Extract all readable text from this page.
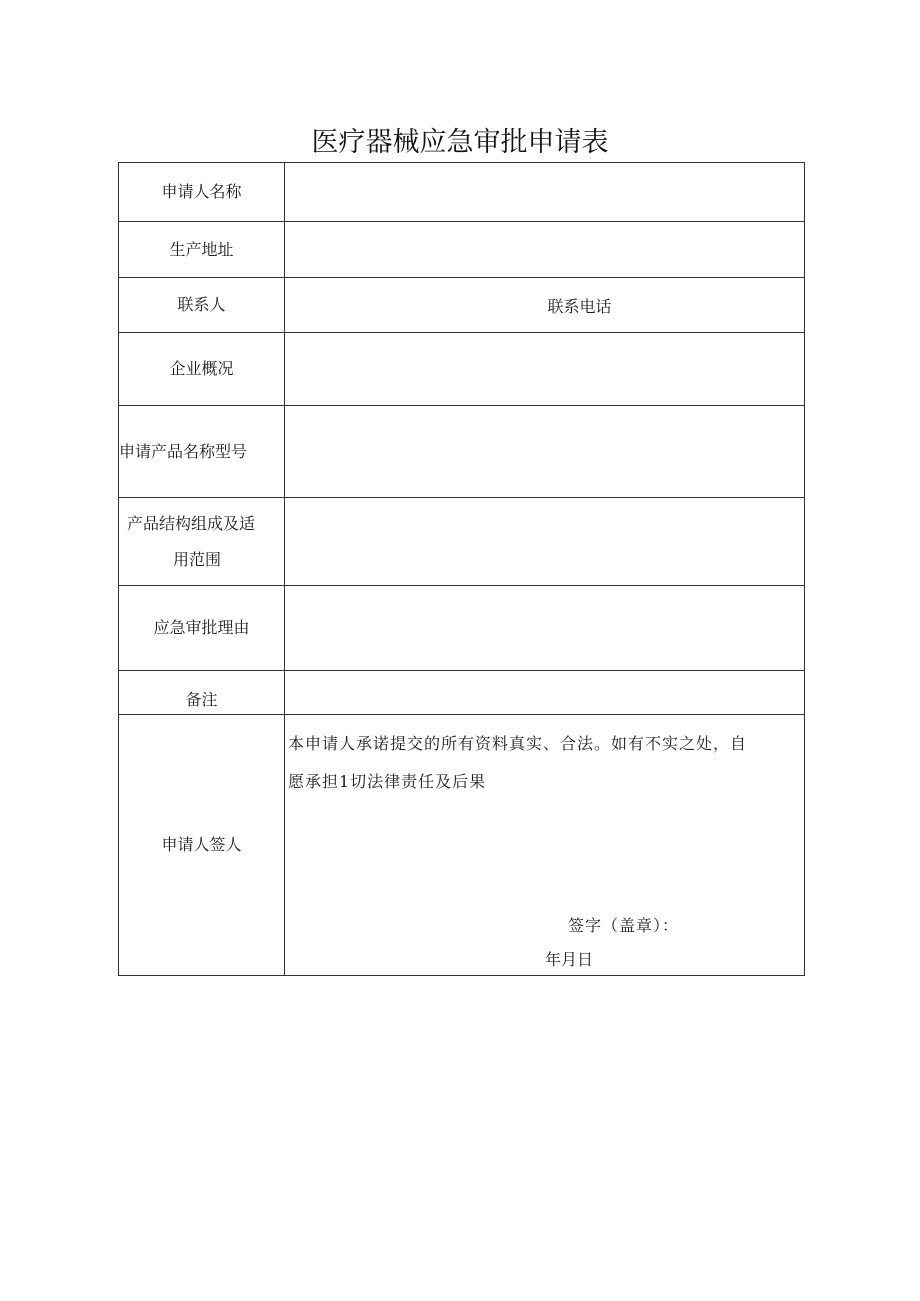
医疗器械应急审批申请表
申请人名称	
生产地址	
联系人	联系电话
企业概况	
申请产品名称型号	

产品结构组成及适
用范围	

应急审批理由	
备注	
申请人签人	本申请人承诺提交的所有资料真实、合法。如有不实之处，自
愿承担1切法律责任及后果
签字（盖章）：
年月日
